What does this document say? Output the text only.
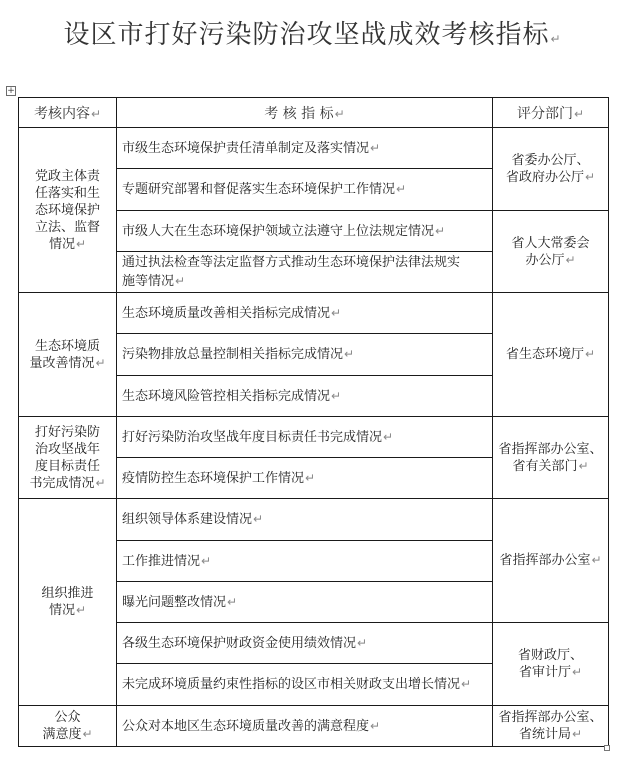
设区市打好污染防治攻坚战成效考核指标↵
+
考核内容↵	考 核 指 标↵	评分部门↵
党政主体责
任落实和生
态环境保护
立法、监督
情况↵	市级生态环境保护责任清单制定及落实情况↵	省委办公厅、
省政府办公厅↵
	专题研究部署和督促落实生态环境保护工作情况↵	
	市级人大在生态环境保护领域立法遵守上位法规定情况↵	省人大常委会
办公厅↵
	通过执法检查等法定监督方式推动生态环境保护法律法规实
施等情况↵	
生态环境质
量改善情况↵	生态环境质量改善相关指标完成情况↵	省生态环境厅↵
	污染物排放总量控制相关指标完成情况↵	
	生态环境风险管控相关指标完成情况↵	
打好污染防
治攻坚战年
度目标责任
书完成情况↵	打好污染防治攻坚战年度目标责任书完成情况↵	省指挥部办公室、
省有关部门↵
	疫情防控生态环境保护工作情况↵	
组织推进
情况↵	组织领导体系建设情况↵	省指挥部办公室↵
	工作推进情况↵	
	曝光问题整改情况↵	
	各级生态环境保护财政资金使用绩效情况↵	省财政厅、
省审计厅↵
	未完成环境质量约束性指标的设区市相关财政支出增长情况↵	
公众
满意度↵	公众对本地区生态环境质量改善的满意程度↵	省指挥部办公室、
省统计局↵
